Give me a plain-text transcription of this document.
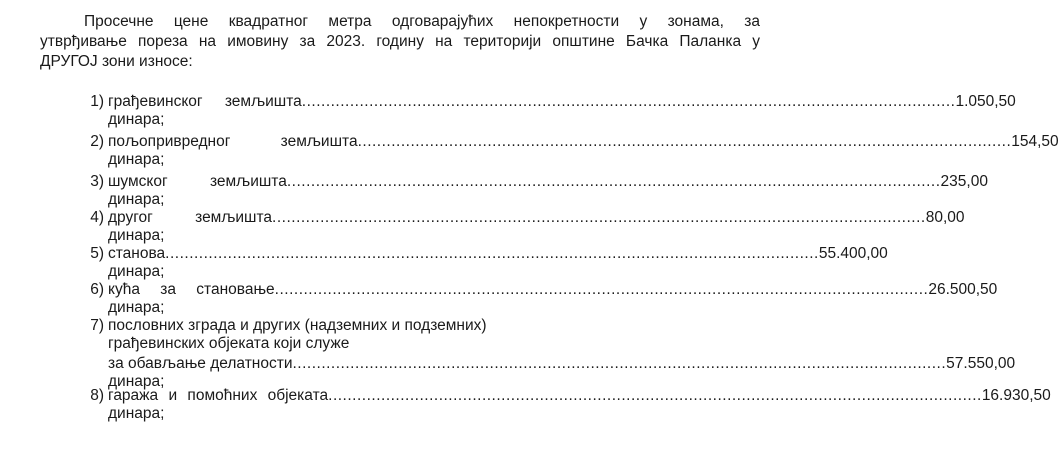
Просечне цене квадратног метра одговарајућих непокретности у зонама, за
утврђивање пореза на имовину за 2023. годину на територији општине Бачка Паланка у
ДРУГОЈ зони износе:
1) грађевинског земљишта ........................................................................................................................................ 1.050,50
динара;
2) пољопривредног земљишта ........................................................................................................................................ 154,50
динара;
3) шумског земљишта ........................................................................................................................................ 235,00
динара;
4) другог земљишта ........................................................................................................................................ 80,00
динара;
5) станова ........................................................................................................................................ 55.400,00
динара;
6) кућа за становање ........................................................................................................................................ 26.500,50
динара;
7) пословних зграда и других (надземних и подземних)
грађевинских објеката који служе
за обављање делатности ........................................................................................................................................ 57.550,00
динара;
8) гаража и помоћних објеката ........................................................................................................................................ 16.930,50
динара;
